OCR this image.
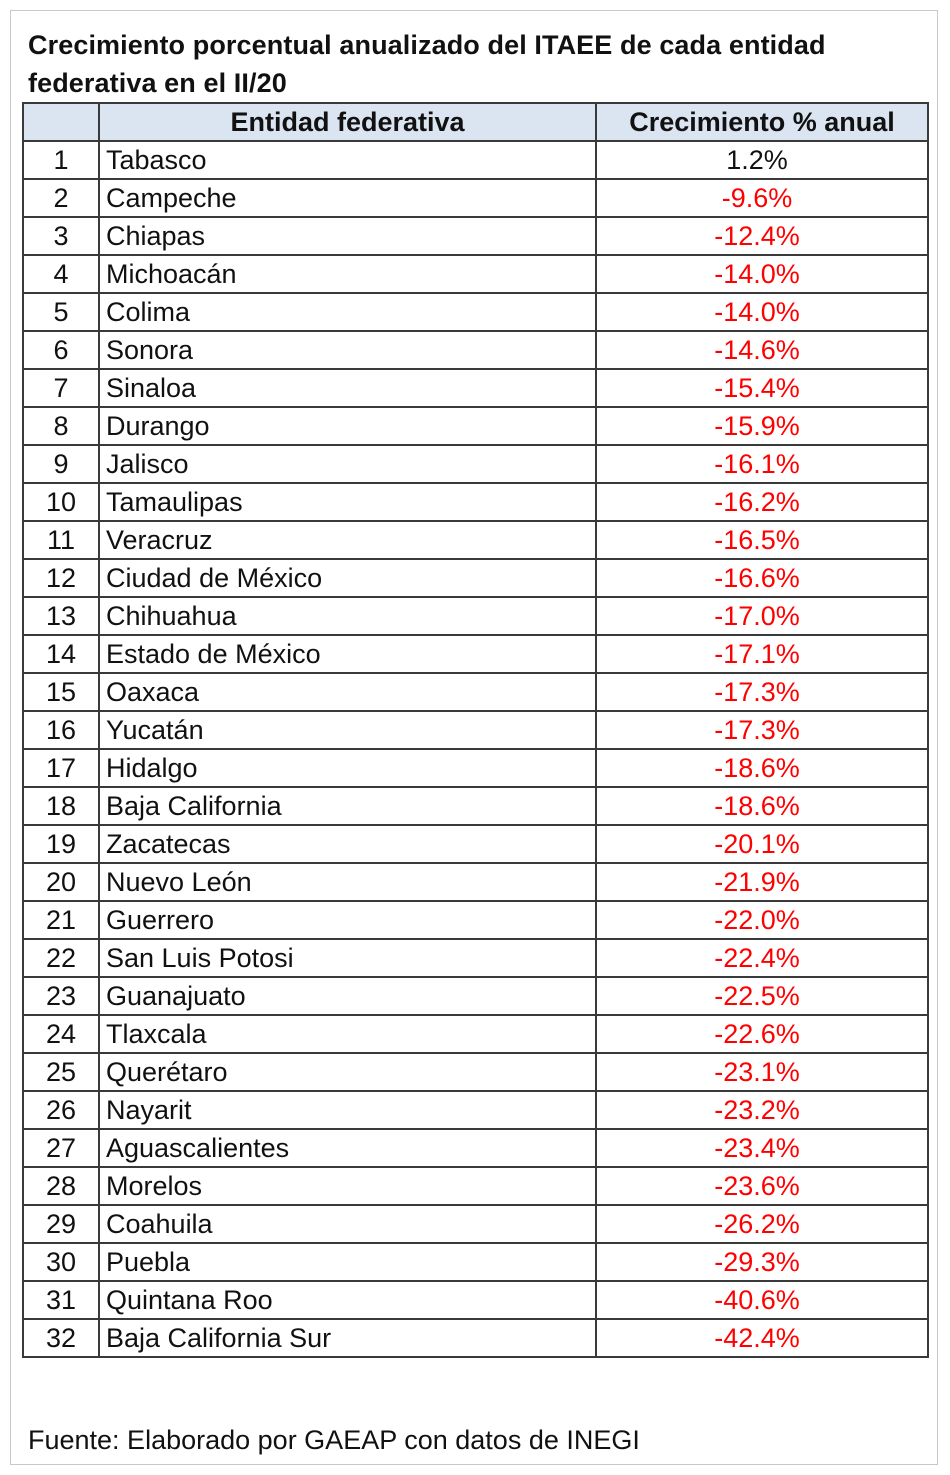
Crecimiento porcentual anualizado del ITAEE de cada entidad federativa en el II/20
	Entidad federativa	Crecimiento % anual
1	Tabasco	1.2%
2	Campeche	-9.6%
3	Chiapas	-12.4%
4	Michoacán	-14.0%
5	Colima	-14.0%
6	Sonora	-14.6%
7	Sinaloa	-15.4%
8	Durango	-15.9%
9	Jalisco	-16.1%
10	Tamaulipas	-16.2%
11	Veracruz	-16.5%
12	Ciudad de México	-16.6%
13	Chihuahua	-17.0%
14	Estado de México	-17.1%
15	Oaxaca	-17.3%
16	Yucatán	-17.3%
17	Hidalgo	-18.6%
18	Baja California	-18.6%
19	Zacatecas	-20.1%
20	Nuevo León	-21.9%
21	Guerrero	-22.0%
22	San Luis Potosi	-22.4%
23	Guanajuato	-22.5%
24	Tlaxcala	-22.6%
25	Querétaro	-23.1%
26	Nayarit	-23.2%
27	Aguascalientes	-23.4%
28	Morelos	-23.6%
29	Coahuila	-26.2%
30	Puebla	-29.3%
31	Quintana Roo	-40.6%
32	Baja California Sur	-42.4%
Fuente: Elaborado por GAEAP con datos de INEGI
